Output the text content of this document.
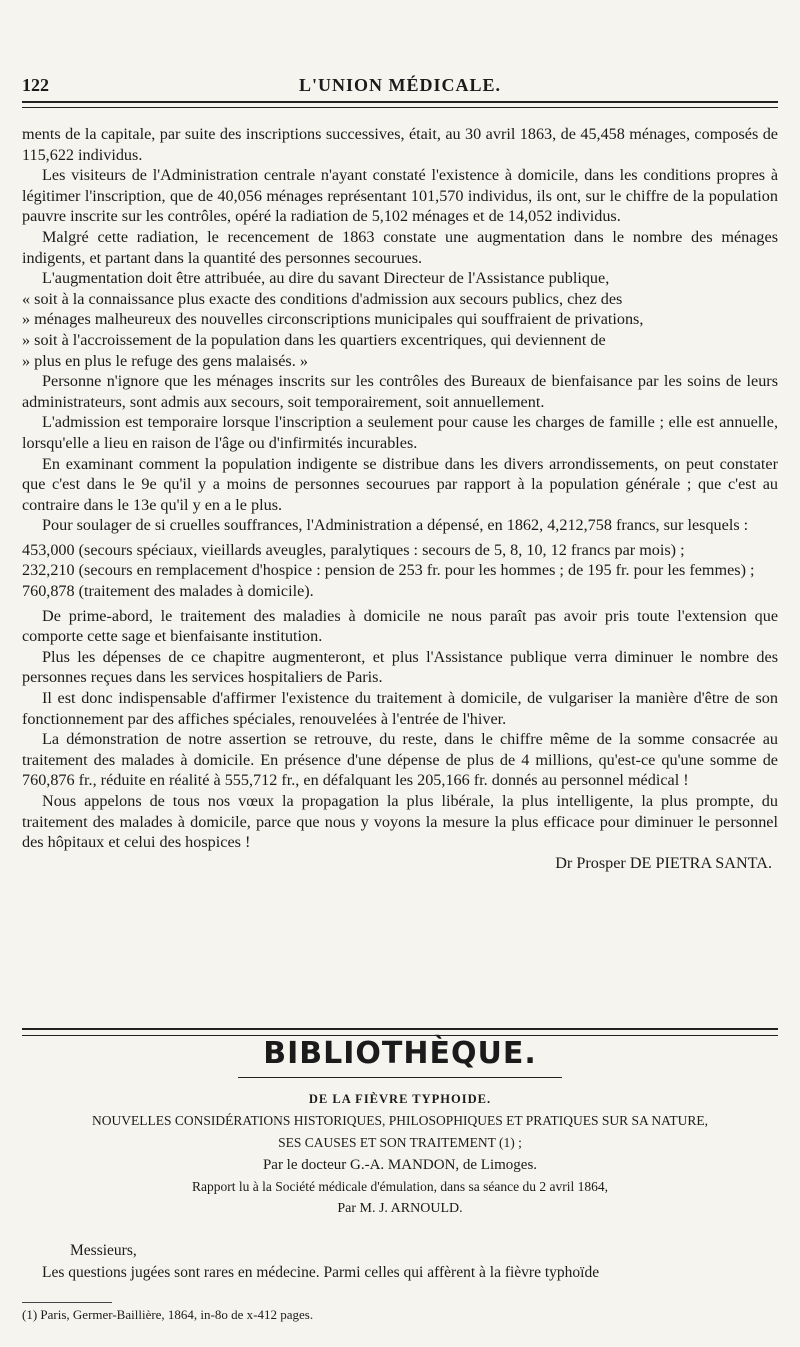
122	L'UNION MÉDICALE.

ments de la capitale, par suite des inscriptions successives, était, au 30 avril 1863, de 45,458 ménages, composés de 115,622 individus.

Les visiteurs de l'Administration centrale n'ayant constaté l'existence à domicile, dans les conditions propres à légitimer l'inscription, que de 40,056 ménages représentant 101,570 individus, ils ont, sur le chiffre de la population pauvre inscrite sur les contrôles, opéré la radiation de 5,102 ménages et de 14,052 individus.

Malgré cette radiation, le recencement de 1863 constate une augmentation dans le nombre des ménages indigents, et partant dans la quantité des personnes secourues.

L'augmentation doit être attribuée, au dire du savant Directeur de l'Assistance publique,

« soit à la connaissance plus exacte des conditions d'admission aux secours publics, chez des

» ménages malheureux des nouvelles circonscriptions municipales qui souffraient de privations,

» soit à l'accroissement de la population dans les quartiers excentriques, qui deviennent de

» plus en plus le refuge des gens malaisés. »

Personne n'ignore que les ménages inscrits sur les contrôles des Bureaux de bienfaisance par les soins de leurs administrateurs, sont admis aux secours, soit temporairement, soit annuellement.

L'admission est temporaire lorsque l'inscription a seulement pour cause les charges de famille ; elle est annuelle, lorsqu'elle a lieu en raison de l'âge ou d'infirmités incurables.

En examinant comment la population indigente se distribue dans les divers arrondissements, on peut constater que c'est dans le 9e qu'il y a moins de personnes secourues par rapport à la population générale ; que c'est au contraire dans le 13e qu'il y en a le plus.

Pour soulager de si cruelles souffrances, l'Administration a dépensé, en 1862, 4,212,758 francs, sur lesquels :

453,000 (secours spéciaux, vieillards aveugles, paralytiques : secours de 5, 8, 10, 12 francs par mois) ;
232,210 (secours en remplacement d'hospice : pension de 253 fr. pour les hommes ; de 195 fr. pour les femmes) ;
760,878 (traitement des malades à domicile).

De prime-abord, le traitement des maladies à domicile ne nous paraît pas avoir pris toute l'extension que comporte cette sage et bienfaisante institution.

Plus les dépenses de ce chapitre augmenteront, et plus l'Assistance publique verra diminuer le nombre des personnes reçues dans les services hospitaliers de Paris.

Il est donc indispensable d'affirmer l'existence du traitement à domicile, de vulgariser la manière d'être de son fonctionnement par des affiches spéciales, renouvelées à l'entrée de l'hiver.

La démonstration de notre assertion se retrouve, du reste, dans le chiffre même de la somme consacrée au traitement des malades à domicile. En présence d'une dépense de plus de 4 millions, qu'est-ce qu'une somme de 760,876 fr., réduite en réalité à 555,712 fr., en défalquant les 205,166 fr. donnés au personnel médical !

Nous appelons de tous nos vœux la propagation la plus libérale, la plus intelligente, la plus prompte, du traitement des malades à domicile, parce que nous y voyons la mesure la plus efficace pour diminuer le personnel des hôpitaux et celui des hospices !

Dr Prosper DE PIETRA SANTA.

BIBLIOTHÈQUE.
DE LA FIÈVRE TYPHOIDE.
NOUVELLES CONSIDÉRATIONS HISTORIQUES, PHILOSOPHIQUES ET PRATIQUES SUR SA NATURE,
SES CAUSES ET SON TRAITEMENT (1) ;
Par le docteur G.-A. MANDON, de Limoges.
Rapport lu à la Société médicale d'émulation, dans sa séance du 2 avril 1864,
Par M. J. ARNOULD.
Messieurs,
Les questions jugées sont rares en médecine. Parmi celles qui affèrent à la fièvre typhoïde
(1) Paris, Germer-Baillière, 1864, in-8o de x-412 pages.
